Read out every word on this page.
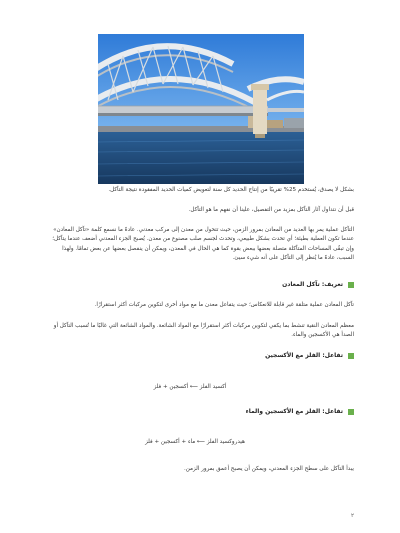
بشكل لا يصدق، يُستخدم 25% تقريبًا من إنتاج الحديد كل سنة لتعويض كميات الحديد المفقودة نتيجة التآكل.

قبل أن نتداول آثار التآكل بمزيد من التفصيل، علينا أن نفهم ما هو التآكل.

التآكل عملية يمر بها العديد من المعادن بمرور الزمن، حيث تتحول من معدن إلى مركب معدني. عادةً ما نسمع كلمة «تآكل المعادن» عندما تكون العملية بطيئة؛ أي تحدث بشكل طبيعي، وتحدث لجسم صلب مصنوع من معدن. يُصبح الجزء المعدني أضعف عندما يتآكل؛ وإن تبقّى المساحات المتآكلة متصلة بعضها ببعض بقوة كما هي الحال في المعدن، ويمكن أن ينفصل بعضها عن بعض تمامًا. ولهذا السبب، عادةً ما يُنظر إلى التآكل على أنه شيء سيئ.

تعريف: تآكل المعادن

تآكل المعادن عملية متلقة غير قابلة للانعكاس؛ حيث يتفاعل معدن ما مع مواد أخرى لتكوين مركبات أكثر استقرارًا.

معظم المعادن النقية تنشط بما يكفي لتكوين مركبات أكثر استقرارًا مع المواد الشائعة. والمواد الشائعة التي غالبًا ما تُسبب التآكل أو الصدأ هي الأكسجين والماء.

تفاعل: الفلز مع الأكسجين

أكسيد الفلز ⟵ أكسجين + فلز

تفاعل: الفلز مع الأكسجين والماء

هيدروكسيد الفلز ⟵ ماء + أكسجين + فلز

يبدأ التآكل على سطح الجزء المعدني، ويمكن أن يصبح أعمق بمرور الزمن.

٢
